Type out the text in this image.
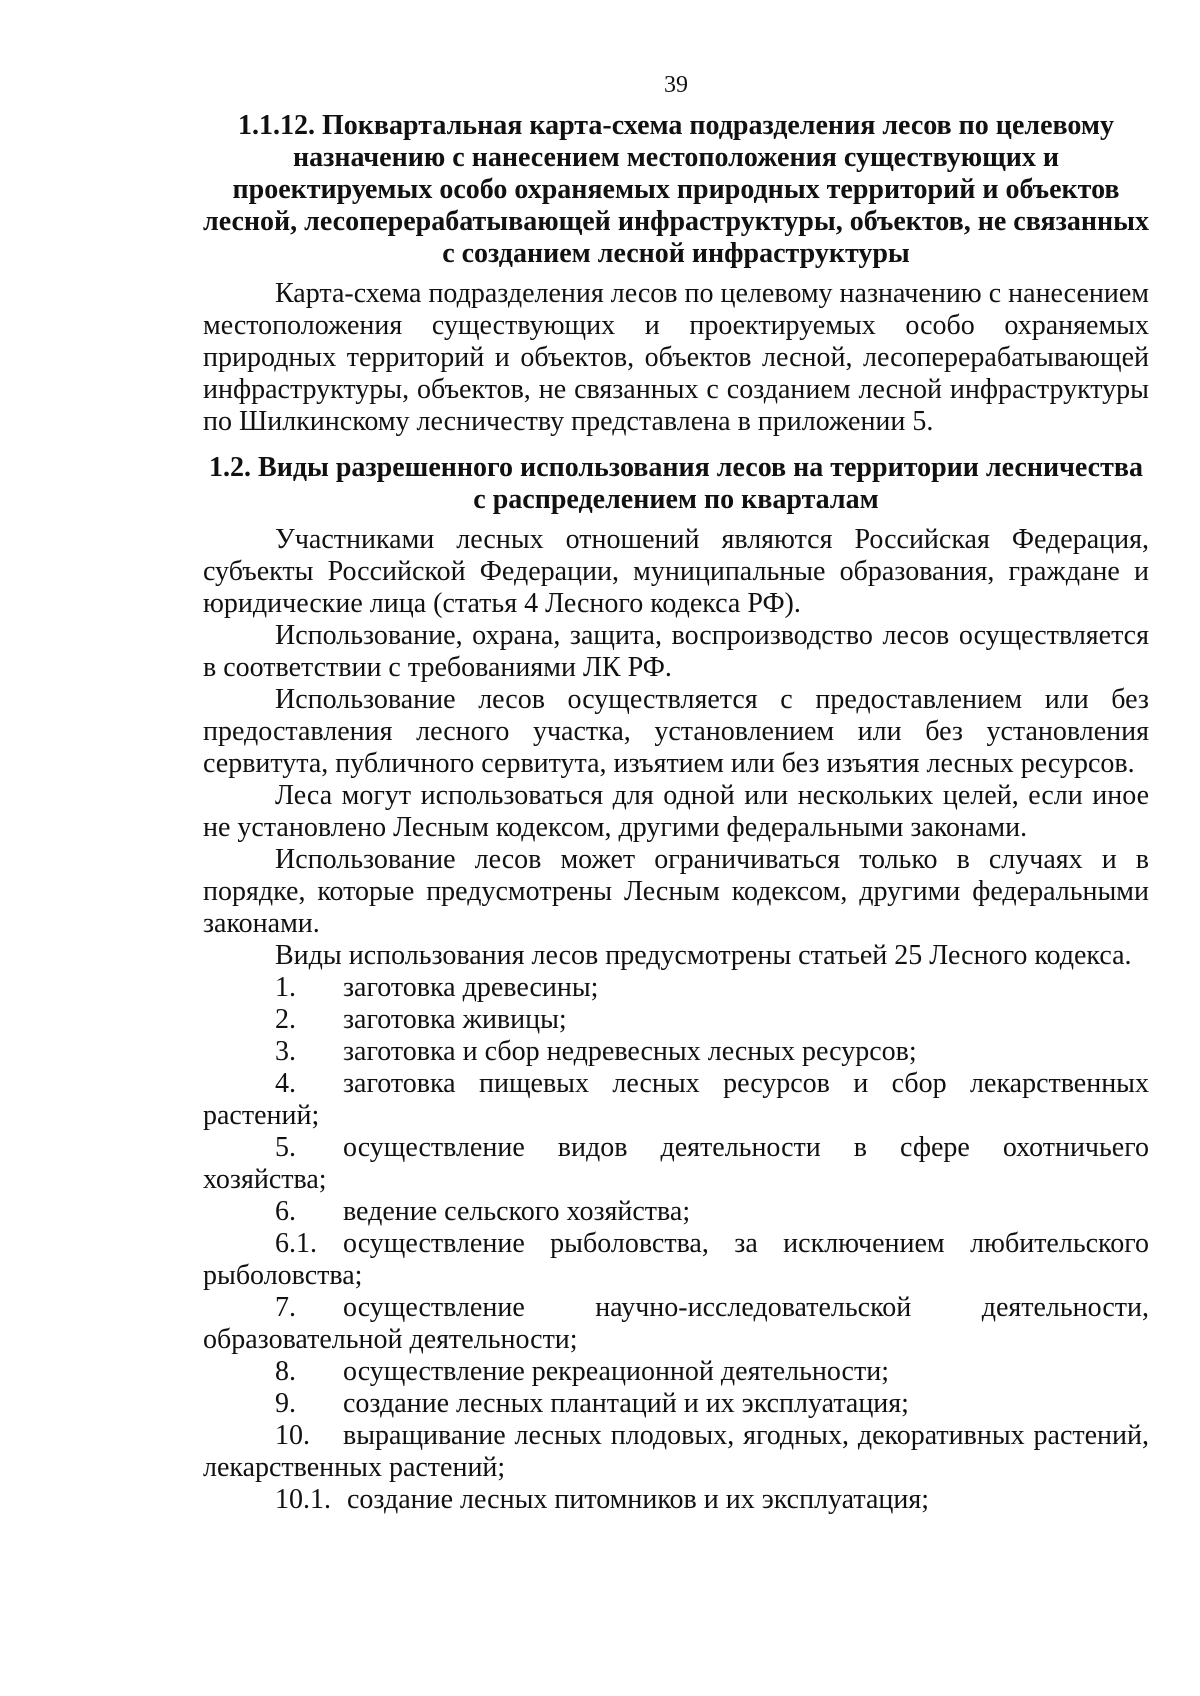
39
1.1.12. Поквартальная карта-схема подразделения лесов по целевому назначению с нанесением местоположения существующих и проектируемых особо охраняемых природных территорий и объектов лесной, лесоперерабатывающей инфраструктуры, объектов, не связанных с созданием лесной инфраструктуры

Карта-схема подразделения лесов по целевому назначению с нанесением местоположения существующих и проектируемых особо охраняемых природных территорий и объектов, объектов лесной, лесоперерабатывающей инфраструктуры, объектов, не связанных с созданием лесной инфраструктуры по Шилкинскому лесничеству представлена в приложении 5.

1.2. Виды разрешенного использования лесов на территории лесничества с распределением по кварталам

Участниками лесных отношений являются Российская Федерация, субъекты Российской Федерации, муниципальные образования, граждане и юридические лица (статья 4 Лесного кодекса РФ).

Использование, охрана, защита, воспроизводство лесов осуществляется в соответствии с требованиями ЛК РФ.

Использование лесов осуществляется с предоставлением или без предоставления лесного участка, установлением или без установления сервитута, публичного сервитута, изъятием или без изъятия лесных ресурсов.

Леса могут использоваться для одной или нескольких целей, если иное не установлено Лесным кодексом, другими федеральными законами.

Использование лесов может ограничиваться только в случаях и в порядке, которые предусмотрены Лесным кодексом, другими федеральными законами.

Виды использования лесов предусмотрены статьей 25 Лесного кодекса.

1. заготовка древесины;
2. заготовка живицы;
3. заготовка и сбор недревесных лесных ресурсов;
4. заготовка пищевых лесных ресурсов и сбор лекарственных растений;
5. осуществление видов деятельности в сфере охотничьего хозяйства;
6. ведение сельского хозяйства;
6.1. осуществление рыболовства, за исключением любительского рыболовства;
7. осуществление научно-исследовательской деятельности, образовательной деятельности;
8. осуществление рекреационной деятельности;
9. создание лесных плантаций и их эксплуатация;
10. выращивание лесных плодовых, ягодных, декоративных растений, лекарственных растений;
10.1. создание лесных питомников и их эксплуатация;
